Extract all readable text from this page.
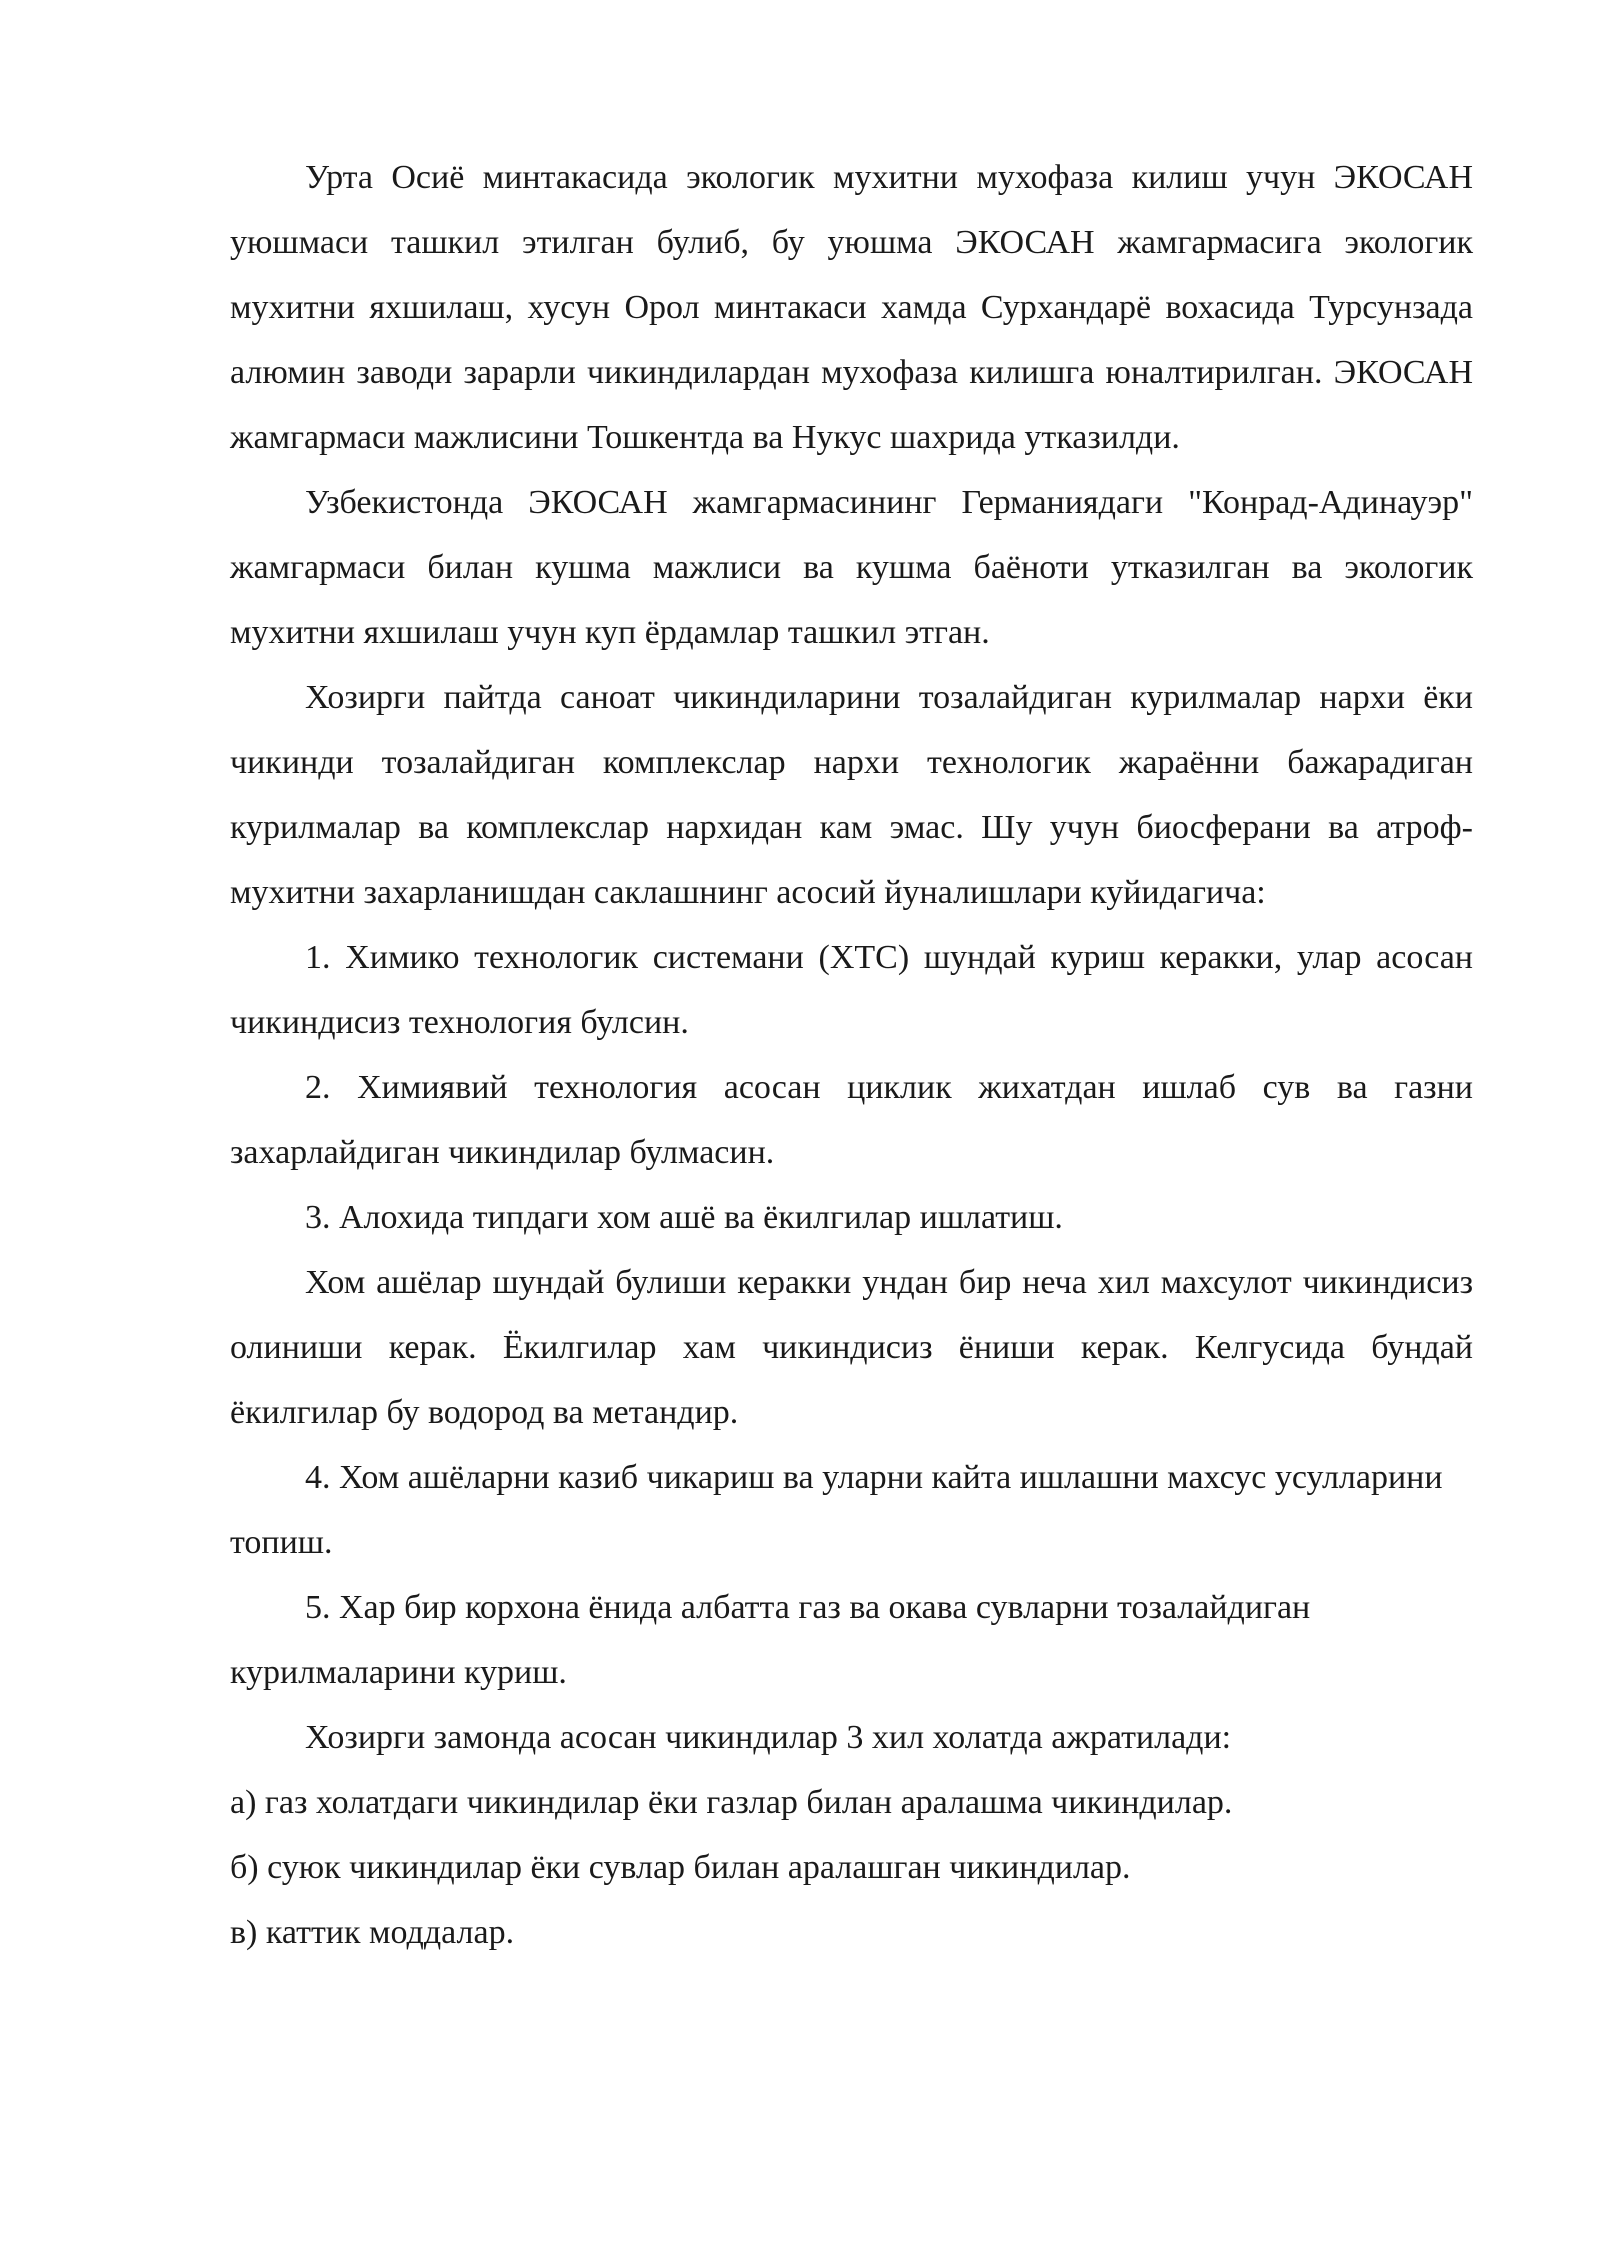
Урта Осиё минтакасида экологик мухитни мухофаза килиш учун ЭКОСАН уюшмаси ташкил этилган булиб, бу уюшма ЭКОСАН жамгармасига экологик мухитни яхшилаш, хусун Орол минтакаси хамда Сурхандарё вохасида Турсунзада алюмин заводи зарарли чикиндилардан мухофаза килишга юналтирилган. ЭКОСАН жамгармаси мажлисини Тошкентда ва Нукус шахрида утказилди.

Узбекистонда ЭКОСАН жамгармасининг Германиядаги "Конрад-Адинауэр" жамгармаси билан кушма мажлиси ва кушма баёноти утказилган ва экологик мухитни яхшилаш учун куп ёрдамлар ташкил этган.

Хозирги пайтда саноат чикиндиларини тозалайдиган курилмалар нархи ёки чикинди тозалайдиган комплекслар нархи технологик жараённи бажарадиган курилмалар ва комплекслар нархидан кам эмас. Шу учун биосферани ва атроф- мухитни захарланишдан саклашнинг асосий йуналишлари куйидагича:

1. Химико технологик системани (ХТС) шундай куриш керакки, улар асосан чикиндисиз технология булсин.

2. Химиявий технология асосан циклик жихатдан ишлаб сув ва газни захарлайдиган чикиндилар булмасин.

3. Алохида типдаги хом ашё ва ёкилгилар ишлатиш.

Хом ашёлар шундай булиши керакки ундан бир неча хил махсулот чикиндисиз олиниши керак. Ёкилгилар хам чикиндисиз ёниши керак. Келгусида бундай ёкилгилар бу водород ва метандир.

4. Хом ашёларни казиб чикариш ва уларни кайта ишлашни махсус усулларини топиш.

5. Хар бир корхона ёнида албатта газ ва окава сувларни тозалайдиган курилмаларини куриш.

Хозирги замонда асосан чикиндилар 3 хил холатда ажратилади:

а) газ холатдаги чикиндилар ёки газлар билан аралашма чикиндилар.

б) суюк чикиндилар ёки сувлар билан аралашган чикиндилар.

в) каттик моддалар.
